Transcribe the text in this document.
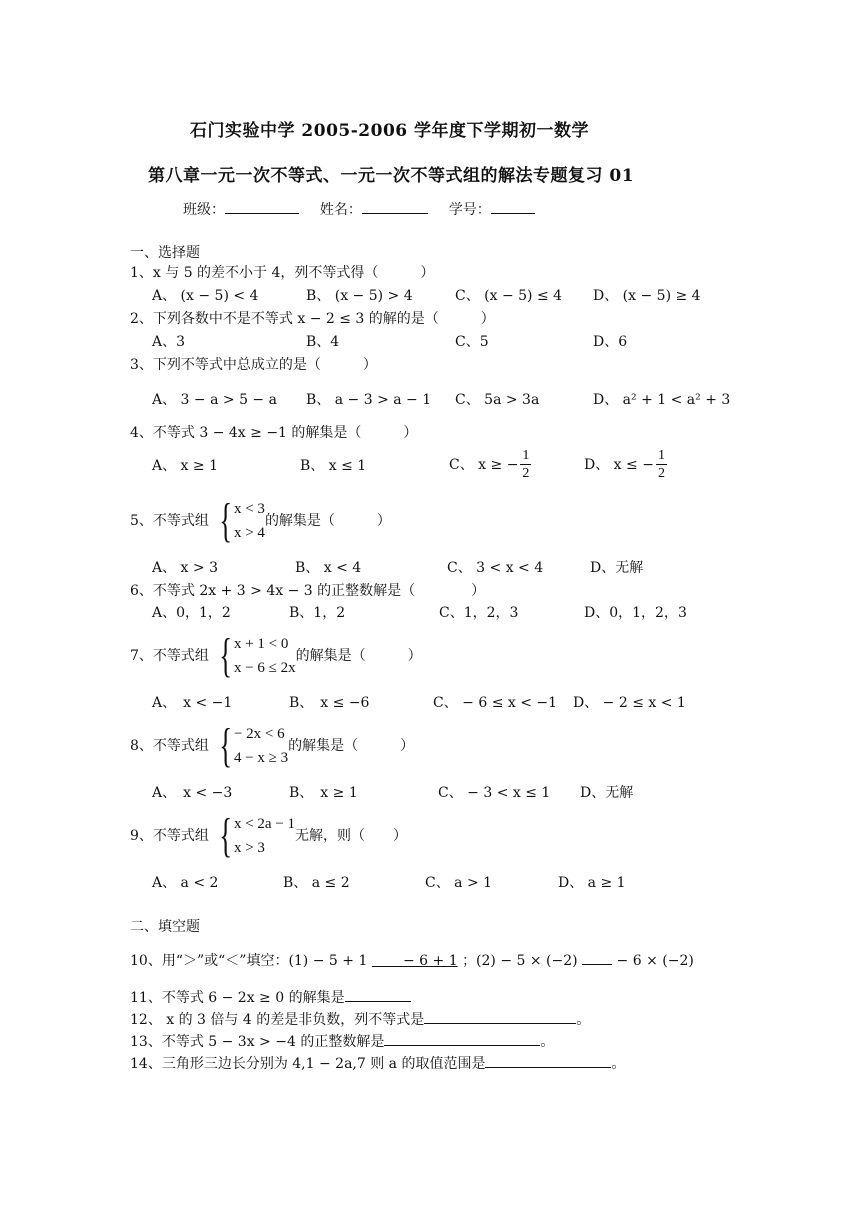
石门实验中学 2005-2006 学年度下学期初一数学
第八章一元一次不等式、一元一次不等式组的解法专题复习 01
班级：	姓名：	学号：
一、选择题
1、x 与 5 的差不小于 4，列不等式得（　　　）
A、 (x − 5) < 4	B、 (x − 5) > 4	C、 (x − 5) ≤ 4 D、 (x − 5) ≥ 4
2、下列各数中不是不等式 x − 2 ≤ 3 的解的是（　　　）
A、3	B、4	C、5	D、6
3、下列不等式中总成立的是（　　　）
A、 3 − a > 5 − a B、 a − 3 > a − 1 C、 5a > 3a	D、 a² + 1 < a² + 3
4、不等式 3 − 4x ≥ −1 的解集是（　　　）
A、 x ≥ 1	B、 x ≤ 1	C、 x ≥ − $\frac{1}{2}$	D、 x ≤ − $\frac{1}{2}$
5、不等式组 { x < 3
x > 4
的解集是（　　　）
A、 x > 3	B、 x < 4	C、 3 < x < 4	D、无解
6、不等式 2x + 3 > 4x − 3 的正整数解是（　　　　）
A、0，1，2	B、1，2	C、1，2，3	D、0，1，2，3
7、不等式组 { x + 1 < 0
x − 6 ≤ 2x
的解集是（　　　）
A、　x < −1	B、　x ≤ −6	C、 − 6 ≤ x < −1 D、 − 2 ≤ x < 1
8、不等式组 { − 2x < 6
4 − x ≥ 3
的解集是（　　　）
A、　x < −3	B、　x ≥ 1	C、 − 3 < x ≤ 1 D、无解
9、不等式组 { x < 2a − 1
x > 3
无解，则（　　）
A、 a < 2	B、 a ≤ 2	C、 a > 1	D、 a ≥ 1
二、填空题
10、用“＞”或“＜”填空：(1) − 5 + 1	− 6 + 1 ；(2) − 5 × (−2)	− 6 × (−2)
11、不等式 6 − 2x ≥ 0 的解集是
12、 x 的 3 倍与 4 的差是非负数，列不等式是	。
13、不等式 5 − 3x > −4 的正整数解是	。
14、三角形三边长分别为 4,1 − 2a,7 则 a 的取值范围是	。
